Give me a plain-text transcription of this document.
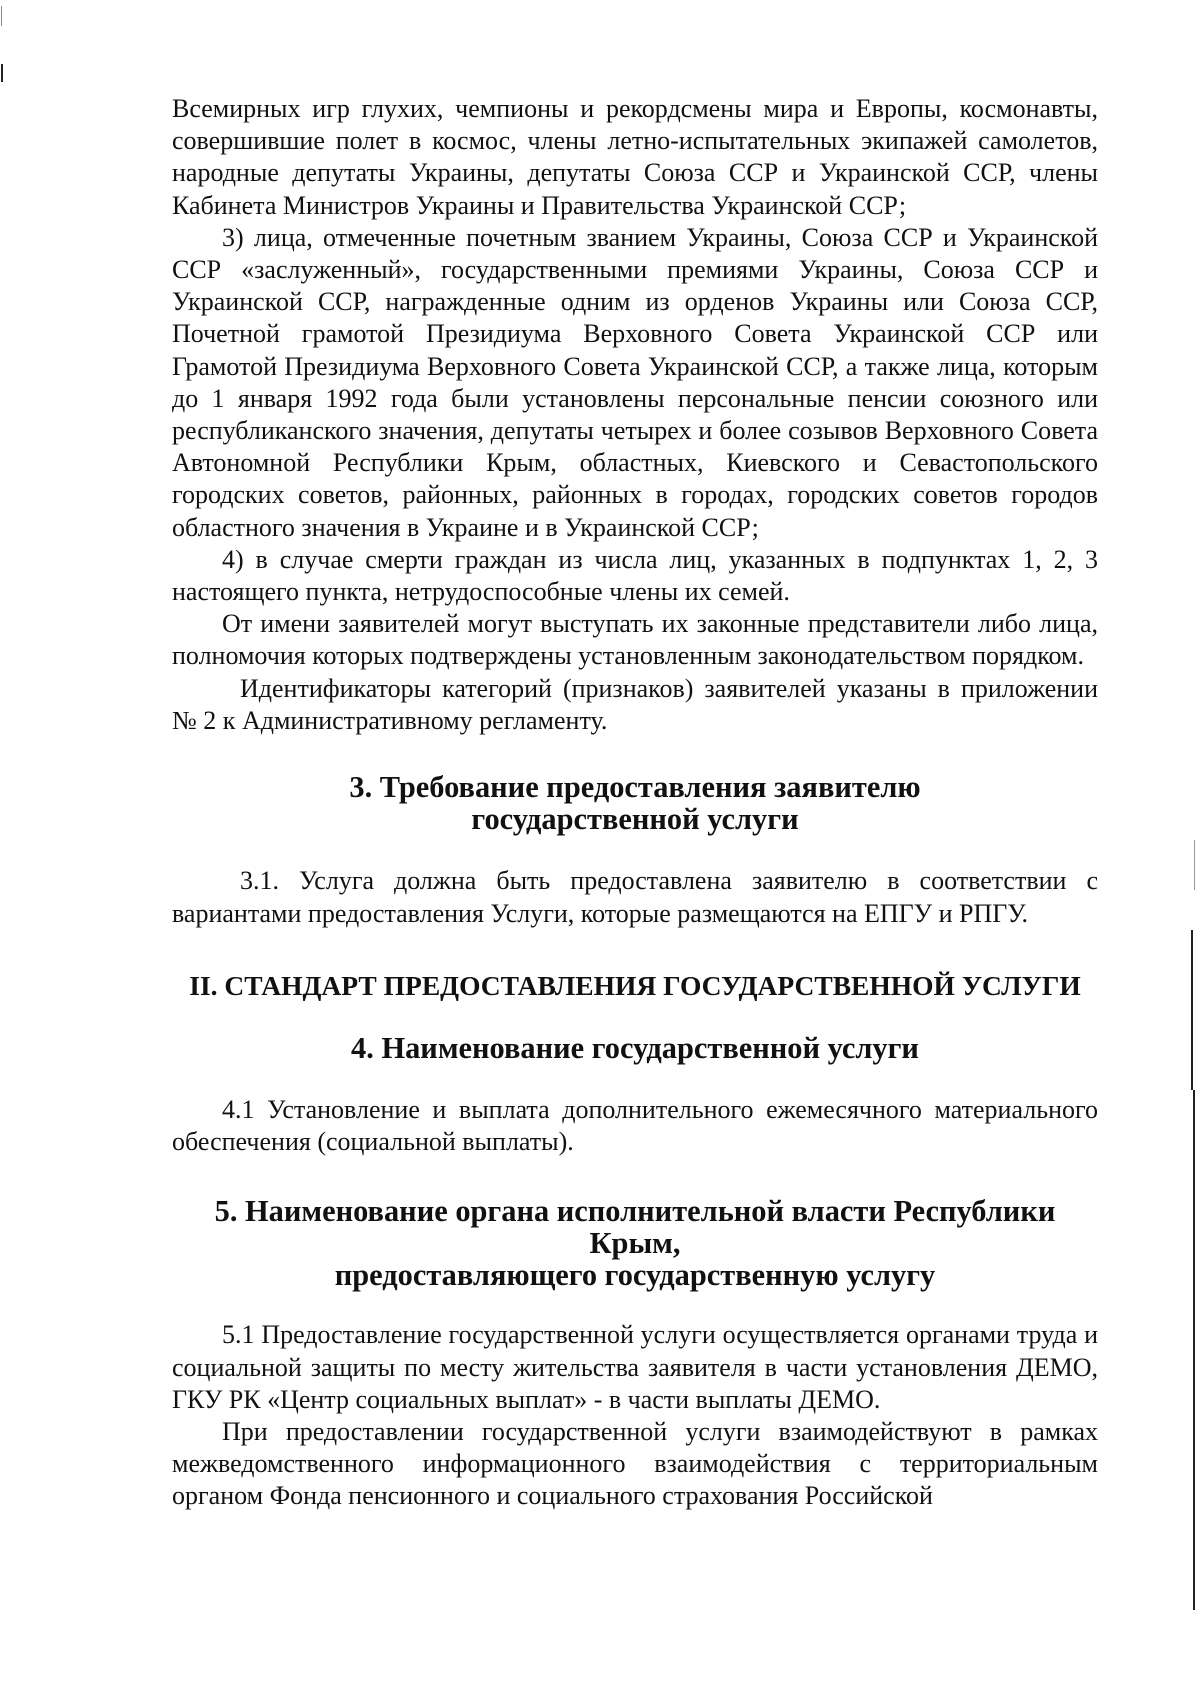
Всемирных игр глухих, чемпионы и рекордсмены мира и Европы, космонавты, совершившие полет в космос, члены летно-испытательных экипажей самолетов, народные депутаты Украины, депутаты Союза ССР и Украинской ССР, члены Кабинета Министров Украины и Правительства Украинской ССР;

3) лица, отмеченные почетным званием Украины, Союза ССР и Украинской ССР «заслуженный», государственными премиями Украины, Союза ССР и Украинской ССР, награжденные одним из орденов Украины или Союза ССР, Почетной грамотой Президиума Верховного Совета Украинской ССР или Грамотой Президиума Верховного Совета Украинской ССР, а также лица, которым до 1 января 1992 года были установлены персональные пенсии союзного или республиканского значения, депутаты четырех и более созывов Верховного Совета Автономной Республики Крым, областных, Киевского и Севастопольского городских советов, районных, районных в городах, городских советов городов областного значения в Украине и в Украинской ССР;

4) в случае смерти граждан из числа лиц, указанных в подпунктах 1, 2, 3 настоящего пункта, нетрудоспособные члены их семей.

От имени заявителей могут выступать их законные представители либо лица, полномочия которых подтверждены установленным законодательством порядком.

Идентификаторы категорий (признаков) заявителей указаны в приложении № 2 к Административному регламенту.

3. Требование предоставления заявителю
государственной услуги

3.1. Услуга должна быть предоставлена заявителю в соответствии с вариантами предоставления Услуги, которые размещаются на ЕПГУ и РПГУ.

II. СТАНДАРТ ПРЕДОСТАВЛЕНИЯ ГОСУДАРСТВЕННОЙ УСЛУГИ
4. Наименование государственной услуги

4.1 Установление и выплата дополнительного ежемесячного материального обеспечения (социальной выплаты).

5. Наименование органа исполнительной власти Республики Крым,
предоставляющего государственную услугу

5.1 Предоставление государственной услуги осуществляется органами труда и социальной защиты по месту жительства заявителя в части установления ДЕМО, ГКУ РК «Центр социальных выплат» - в части выплаты ДЕМО.

При предоставлении государственной услуги взаимодействуют в рамках межведомственного информационного взаимодействия с территориальным органом Фонда пенсионного и социального страхования Российской
